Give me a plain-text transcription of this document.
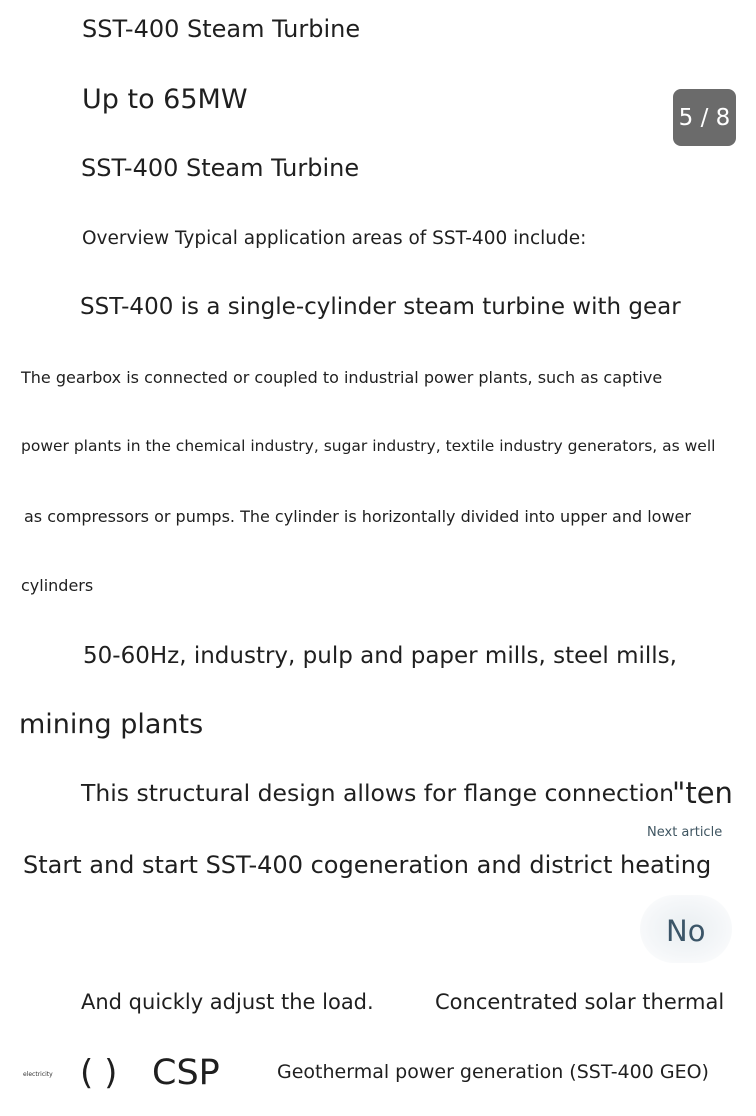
SST-400 Steam Turbine
Up to 65MW
5 / 8
SST-400 Steam Turbine
Overview Typical application areas of SST-400 include:
SST-400 is a single-cylinder steam turbine with gear
The gearbox is connected or coupled to industrial power plants, such as captive
power plants in the chemical industry, sugar industry, textile industry generators, as well
as compressors or pumps. The cylinder is horizontally divided into upper and lower
cylinders
50-60Hz, industry, pulp and paper mills, steel mills,
mining plants
This structural design allows for flange connection
"ten
Next article
Start and start SST-400 cogeneration and district heating
No
And quickly adjust the load.	Concentrated solar thermal
electricity ( ) CSP	Geothermal power generation (SST-400 GEO)
